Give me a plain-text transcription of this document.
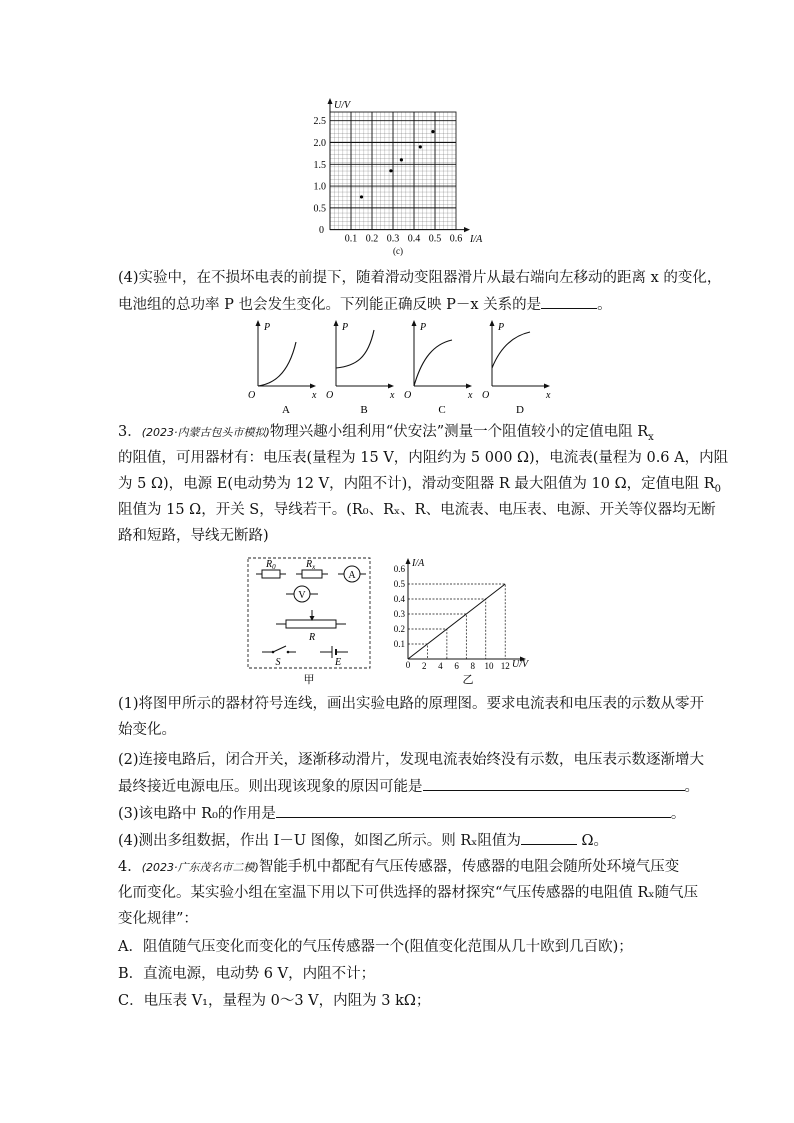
U/V
I/A
0
0.5
1.0
1.5
2.0
2.5
0.1 0.2 0.3 0.4 0.5 0.6
(c)
(4)实验中，在不损坏电表的前提下，随着滑动变阻器滑片从最右端向左移动的距离 x 的变化，
电池组的总功率 P 也会发生变化。下列能正确反映 P－x 关系的是	。
P
x
O
A
P
x
O
B
P
x
O
C
P
x
O
D
3．(2023·内蒙古包头市模拟)物理兴趣小组利用“伏安法”测量一个阻值较小的定值电阻 $R_x$
的阻值，可用器材有：电压表(量程为 15 V，内阻约为 5 000 Ω)，电流表(量程为 0.6 A，内阻
为 5 Ω)，电源 E(电动势为 12 V，内阻不计)，滑动变阻器 R 最大阻值为 10 Ω，定值电阻 $R_0$
阻值为 15 Ω，开关 S，导线若干。(R₀、Rₓ、R、电流表、电压表、电源、开关等仪器均无断
路和短路，导线无断路)
$R_0$	$R_x$
A
V
R
S	E
甲
0.1
0.2
0.3
0.4
0.5
0.6
2 4 6 8 10 12
I/A
U/V
0
乙
(1)将图甲所示的器材符号连线，画出实验电路的原理图。要求电流表和电压表的示数从零开
始变化。
(2)连接电路后，闭合开关，逐渐移动滑片，发现电流表始终没有示数，电压表示数逐渐增大
最终接近电源电压。则出现该现象的原因可能是	。
(3)该电路中 R₀的作用是	。
(4)测出多组数据，作出 I－U 图像，如图乙所示。则 Rₓ阻值为	Ω。
4．(2023·广东茂名市二模)智能手机中都配有气压传感器，传感器的电阻会随所处环境气压变
化而变化。某实验小组在室温下用以下可供选择的器材探究“气压传感器的电阻值 Rₓ随气压
变化规律”：
A．阻值随气压变化而变化的气压传感器一个(阻值变化范围从几十欧到几百欧)；
B．直流电源，电动势 6 V，内阻不计；
C．电压表 V₁，量程为 0～3 V，内阻为 3 kΩ；
